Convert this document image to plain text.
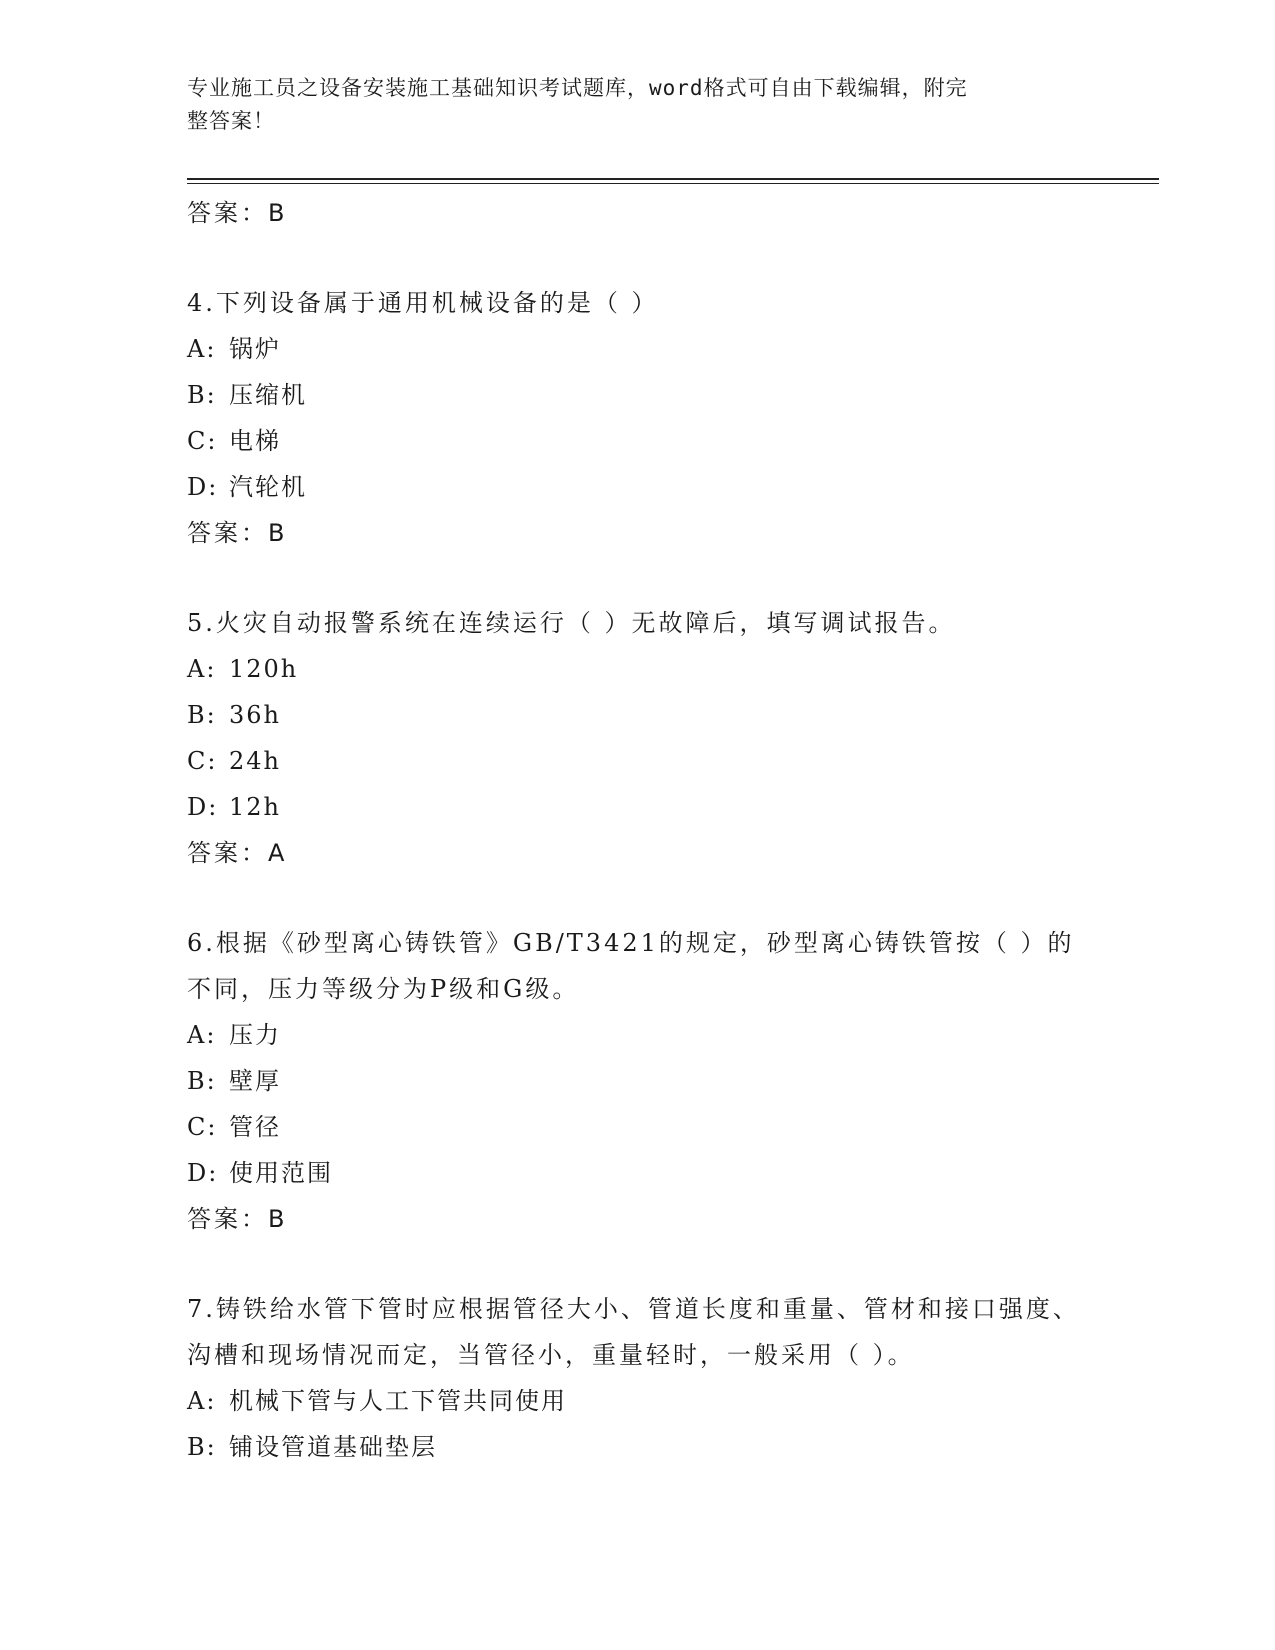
专业施工员之设备安装施工基础知识考试题库，word格式可自由下载编辑，附完
整答案！

答案：B

4.下列设备属于通用机械设备的是（ ）

A: 锅炉

B: 压缩机

C: 电梯

D: 汽轮机

答案：B

5.火灾自动报警系统在连续运行（ ）无故障后，填写调试报告。

A: 120h

B: 36h

C: 24h

D: 12h

答案：A

6.根据《砂型离心铸铁管》GB/T3421的规定，砂型离心铸铁管按（ ）的不同，压力等级分为P级和G级。

A: 压力

B: 壁厚

C: 管径

D: 使用范围

答案：B

7.铸铁给水管下管时应根据管径大小、管道长度和重量、管材和接口强度、沟槽和现场情况而定，当管径小，重量轻时，一般采用（ ）。

A: 机械下管与人工下管共同使用

B: 铺设管道基础垫层
